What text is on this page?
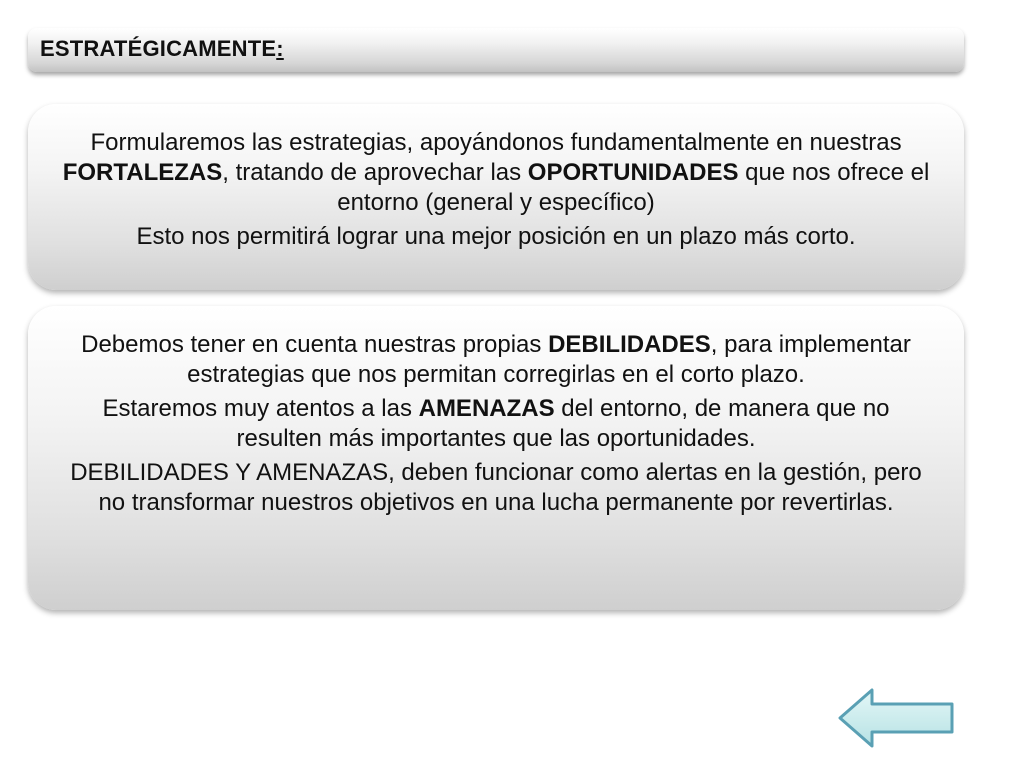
ESTRATÉGICAMENTE:

Formularemos las estrategias, apoyándonos fundamentalmente en nuestras FORTALEZAS, tratando de aprovechar las OPORTUNIDADES que nos ofrece el entorno (general y específico)

Esto nos permitirá lograr una mejor posición en un plazo más corto.

Debemos tener en cuenta nuestras propias DEBILIDADES, para implementar estrategias que nos permitan corregirlas en el corto plazo.

Estaremos muy atentos a las AMENAZAS del entorno, de manera que no resulten más importantes que las oportunidades.

DEBILIDADES Y AMENAZAS, deben funcionar como alertas en la gestión, pero no transformar nuestros objetivos en una lucha permanente por revertirlas.
